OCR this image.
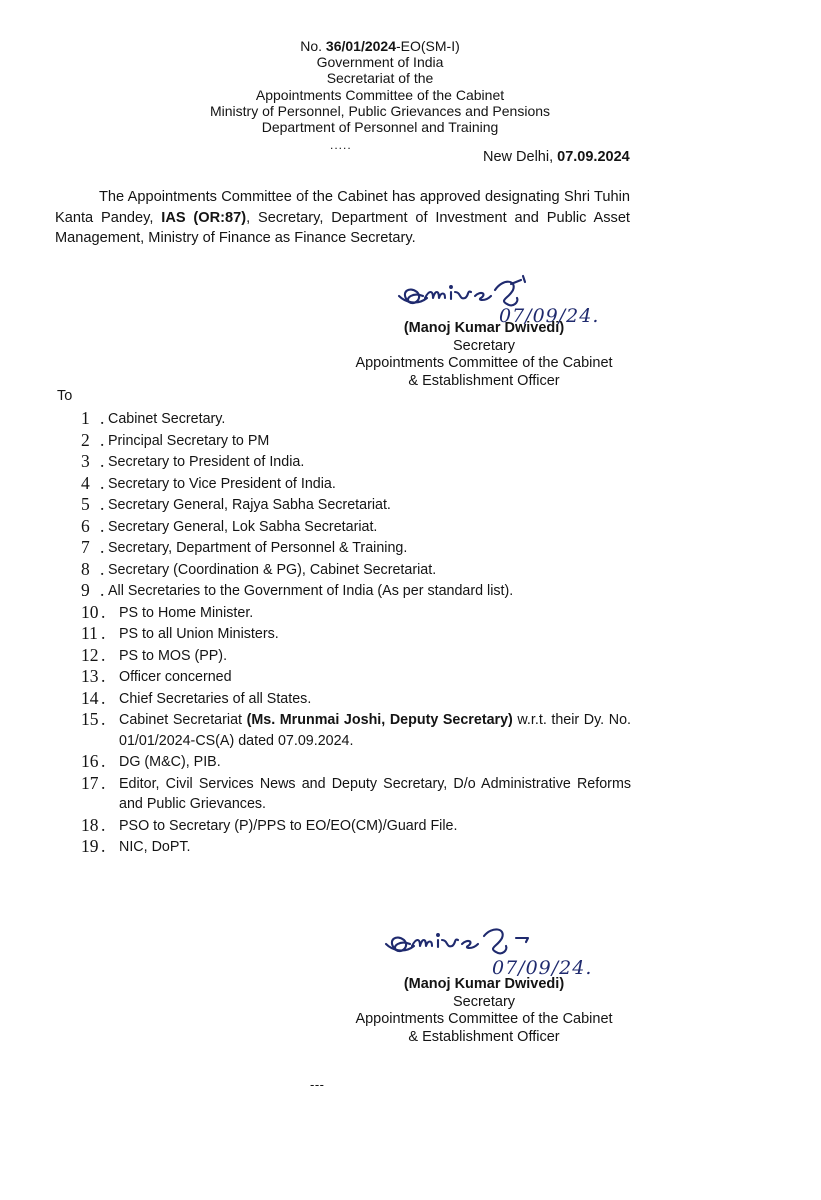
No. 36/01/2024-EO(SM-I)
Government of India
Secretariat of the
Appointments Committee of the Cabinet
Ministry of Personnel, Public Grievances and Pensions
Department of Personnel and Training
.....
New Delhi, 07.09.2024
The Appointments Committee of the Cabinet has approved designating Shri Tuhin Kanta Pandey, IAS (OR:87), Secretary, Department of Investment and Public Asset Management, Ministry of Finance as Finance Secretary.
07/09/24.
(Manoj Kumar Dwivedi)
Secretary
Appointments Committee of the Cabinet
& Establishment Officer
To
1 . Cabinet Secretary.
2 . Principal Secretary to PM
3 . Secretary to President of India.
4 . Secretary to Vice President of India.
5 . Secretary General, Rajya Sabha Secretariat.
6 . Secretary General, Lok Sabha Secretariat.
7 . Secretary, Department of Personnel & Training.
8 . Secretary (Coordination & PG), Cabinet Secretariat.
9 . All Secretaries to the Government of India (As per standard list).
10 . PS to Home Minister.
11 . PS to all Union Ministers.
12 . PS to MOS (PP).
13 . Officer concerned
14 . Chief Secretaries of all States.
15 . Cabinet Secretariat (Ms. Mrunmai Joshi, Deputy Secretary) w.r.t. their Dy. No. 01/01/2024-CS(A) dated 07.09.2024.
16 . DG (M&C), PIB.
17 . Editor, Civil Services News and Deputy Secretary, D/o Administrative Reforms and Public Grievances.
18 . PSO to Secretary (P)/PPS to EO/EO(CM)/Guard File.
19 . NIC, DoPT.
07/09/24.
(Manoj Kumar Dwivedi)
Secretary
Appointments Committee of the Cabinet
& Establishment Officer
---
